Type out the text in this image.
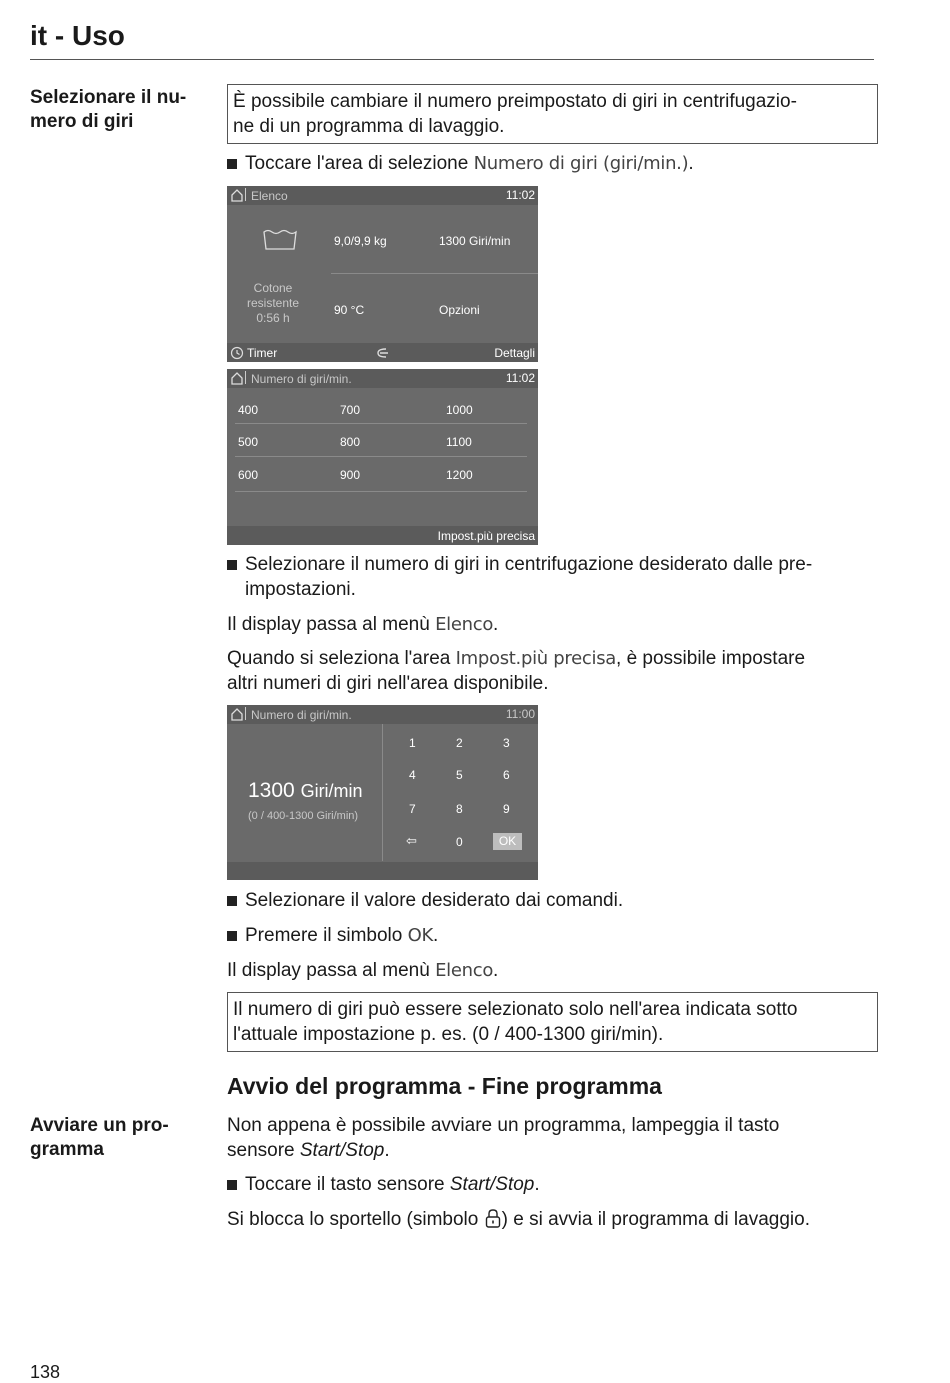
it - Uso
Selezionare il nu-
mero di giri
È possibile cambiare il numero preimpostato di giri in centrifugazio-
ne di un programma di lavaggio.
Toccare l'area di selezione Numero di giri (giri/min.).
Elenco	11:02
9,0/9,9 kg	1300 Giri/min
Cotone
resistente
0:56 h
90 °C	Opzioni
Timer	Dettagli
Numero di giri/min.	11:02
400	700	1000
500	800	1100
600	900	1200
Impost.più precisa
Selezionare il numero di giri in centrifugazione desiderato dalle pre-
impostazioni.
Il display passa al menù Elenco.
Quando si seleziona l'area Impost.più precisa, è possibile impostare
altri numeri di giri nell'area disponibile.
Numero di giri/min.	11:00
1300 Giri/min
(0 / 400-1300 Giri/min)
1	2	3
4	5	6
7	8	9
⇦	0	OK
Selezionare il valore desiderato dai comandi.
Premere il simbolo OK.
Il display passa al menù Elenco.
Il numero di giri può essere selezionato solo nell'area indicata sotto
l'attuale impostazione p. es. (0 / 400-1300 giri/min).
Avvio del programma - Fine programma
Avviare un pro-
gramma
Non appena è possibile avviare un programma, lampeggia il tasto
sensore Start/Stop.
Toccare il tasto sensore Start/Stop.
Si blocca lo sportello (simbolo ) e si avvia il programma di lavaggio.
138
